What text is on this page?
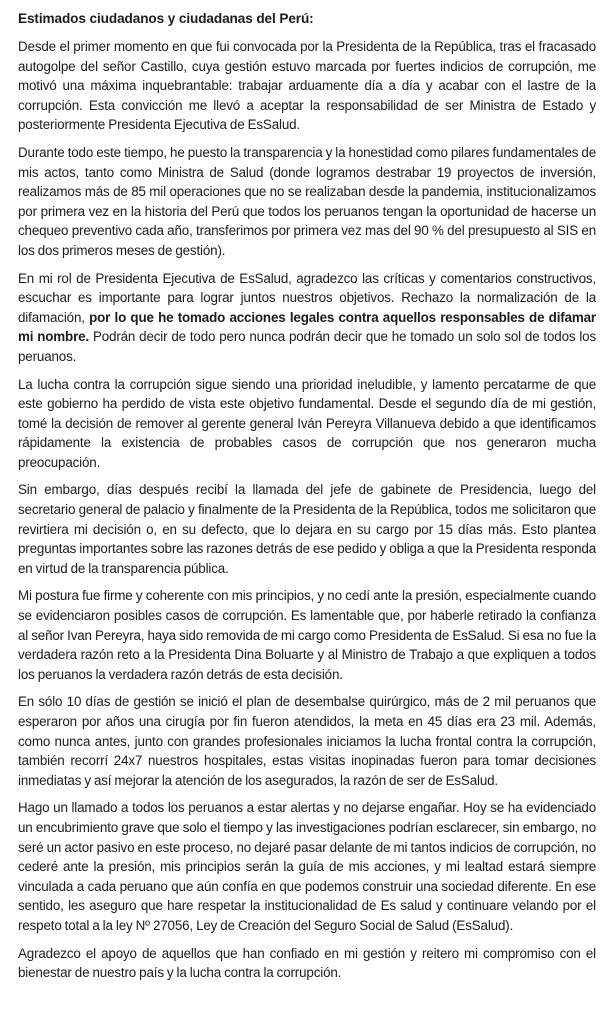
Estimados ciudadanos y ciudadanas del Perú:

Desde el primer momento en que fui convocada por la Presidenta de la República, tras el fracasado autogolpe del señor Castillo, cuya gestión estuvo marcada por fuertes indicios de corrupción, me motivó una máxima inquebrantable: trabajar arduamente día a día y acabar con el lastre de la corrupción. Esta convicción me llevó a aceptar la responsabilidad de ser Ministra de Estado y posteriormente Presidenta Ejecutiva de EsSalud.

Durante todo este tiempo, he puesto la transparencia y la honestidad como pilares fundamentales de mis actos, tanto como Ministra de Salud (donde logramos destrabar 19 proyectos de inversión, realizamos más de 85 mil operaciones que no se realizaban desde la pandemia, institucionalizamos por primera vez en la historia del Perú que todos los peruanos tengan la oportunidad de hacerse un chequeo preventivo cada año, transferimos por primera vez mas del 90 % del presupuesto al SIS en los dos primeros meses de gestión).

En mi rol de Presidenta Ejecutiva de EsSalud, agradezco las críticas y comentarios constructivos, escuchar es importante para lograr juntos nuestros objetivos. Rechazo la normalización de la difamación, por lo que he tomado acciones legales contra aquellos responsables de difamar mi nombre. Podrán decir de todo pero nunca podrán decir que he tomado un solo sol de todos los peruanos.

La lucha contra la corrupción sigue siendo una prioridad ineludible, y lamento percatarme de que este gobierno ha perdido de vista este objetivo fundamental. Desde el segundo día de mi gestión, tomé la decisión de remover al gerente general Iván Pereyra Villanueva debido a que identificamos rápidamente la existencia de probables casos de corrupción que nos generaron mucha preocupación.

Sin embargo, días después recibí la llamada del jefe de gabinete de Presidencia, luego del secretario general de palacio y finalmente de la Presidenta de la República, todos me solicitaron que revirtiera mi decisión o, en su defecto, que lo dejara en su cargo por 15 días más. Esto plantea preguntas importantes sobre las razones detrás de ese pedido y obliga a que la Presidenta responda en virtud de la transparencia pública.

Mi postura fue firme y coherente con mis principios, y no cedí ante la presión, especialmente cuando se evidenciaron posibles casos de corrupción. Es lamentable que, por haberle retirado la confianza al señor Ivan Pereyra, haya sido removida de mi cargo como Presidenta de EsSalud. Si esa no fue la verdadera razón reto a la Presidenta Dina Boluarte y al Ministro de Trabajo a que expliquen a todos los peruanos la verdadera razón detrás de esta decisión.

En sólo 10 días de gestión se inició el plan de desembalse quirúrgico, más de 2 mil peruanos que esperaron por años una cirugía por fin fueron atendidos, la meta en 45 días era 23 mil. Además, como nunca antes, junto con grandes profesionales iniciamos la lucha frontal contra la corrupción, también recorrí 24x7 nuestros hospitales, estas visitas inopinadas fueron para tomar decisiones inmediatas y así mejorar la atención de los asegurados, la razón de ser de EsSalud.

Hago un llamado a todos los peruanos a estar alertas y no dejarse engañar. Hoy se ha evidenciado un encubrimiento grave que solo el tiempo y las investigaciones podrían esclarecer, sin embargo, no seré un actor pasivo en este proceso, no dejaré pasar delante de mi tantos indicios de corrupción, no cederé ante la presión, mis principios serán la guía de mis acciones, y mi lealtad estará siempre vinculada a cada peruano que aún confía en que podemos construir una sociedad diferente. En ese sentido, les aseguro que hare respetar la institucionalidad de Es salud y continuare velando por el respeto total a la ley Nº 27056, Ley de Creación del Seguro Social de Salud (EsSalud).

Agradezco el apoyo de aquellos que han confiado en mi gestión y reitero mi compromiso con el bienestar de nuestro país y la lucha contra la corrupción.
